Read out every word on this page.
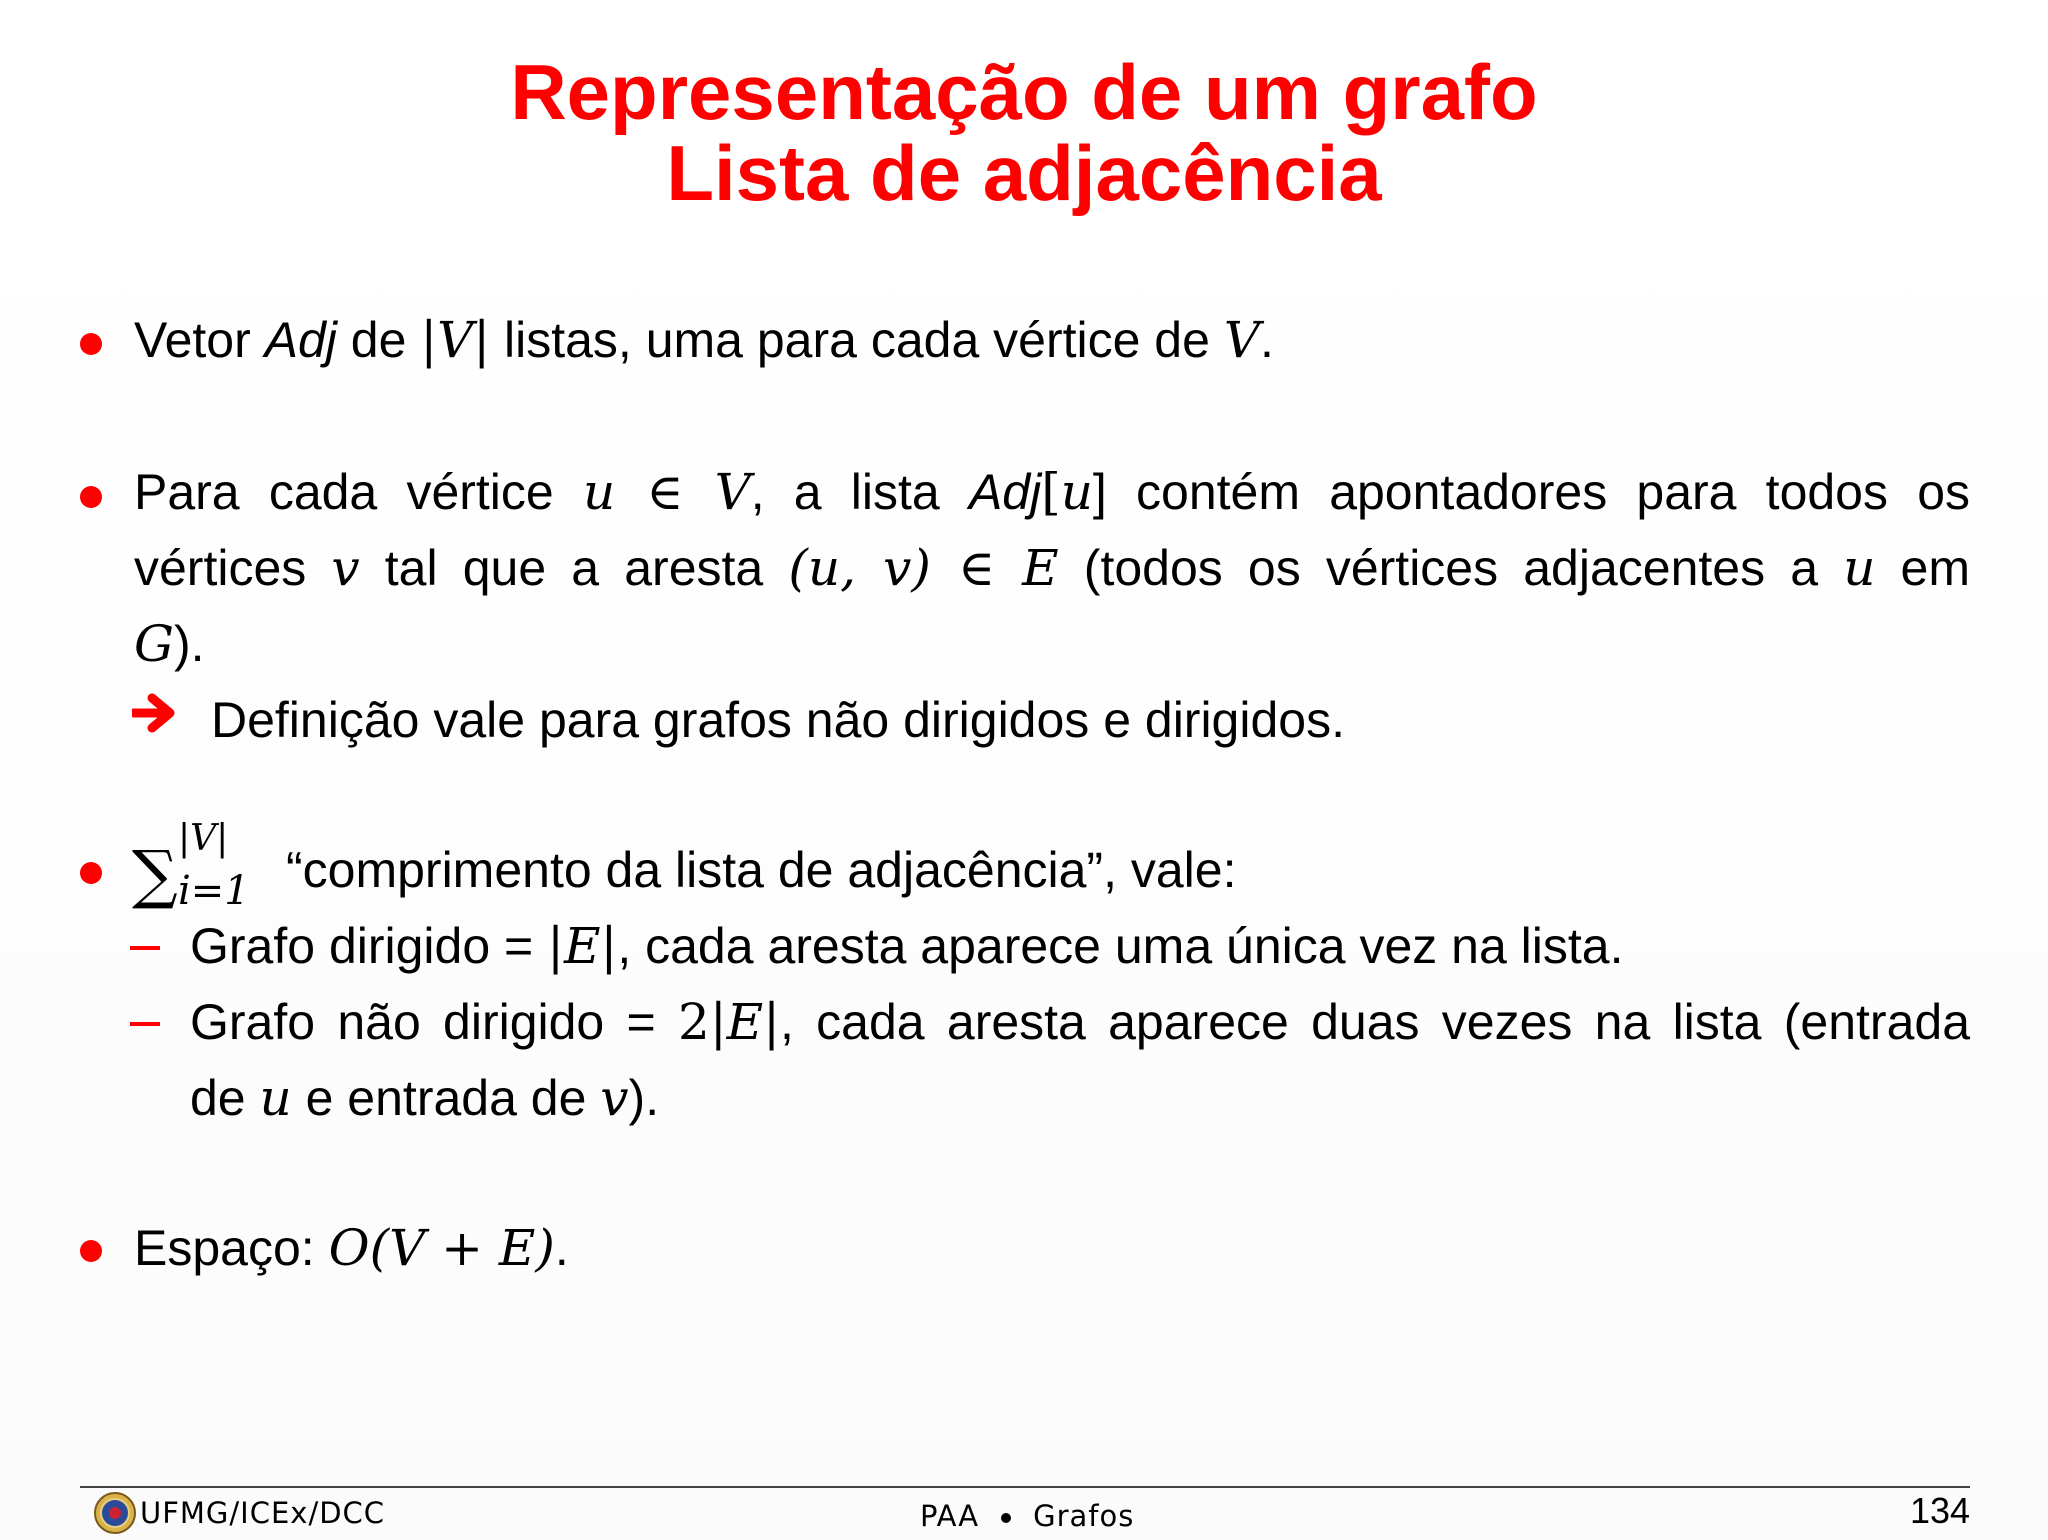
Representação de um grafo
Lista de adjacência
Vetor Adj de |V| listas, uma para cada vértice de V.
Para cada vértice u ∈ V, a lista Adj[u] contém apontadores para todos os
vértices v tal que a aresta (u, v) ∈ E (todos os vértices adjacentes a u em
G).
Definição vale para grafos não dirigidos e dirigidos.
∑ |V|
i=1 “comprimento da lista de adjacência”, vale:
Grafo dirigido = |E|, cada aresta aparece uma única vez na lista.
Grafo não dirigido = 2|E|, cada aresta aparece duas vezes na lista (entrada
de u e entrada de v).
Espaço: O(V + E).
UFMG/ICEx/DCC	PAA Grafos	134
